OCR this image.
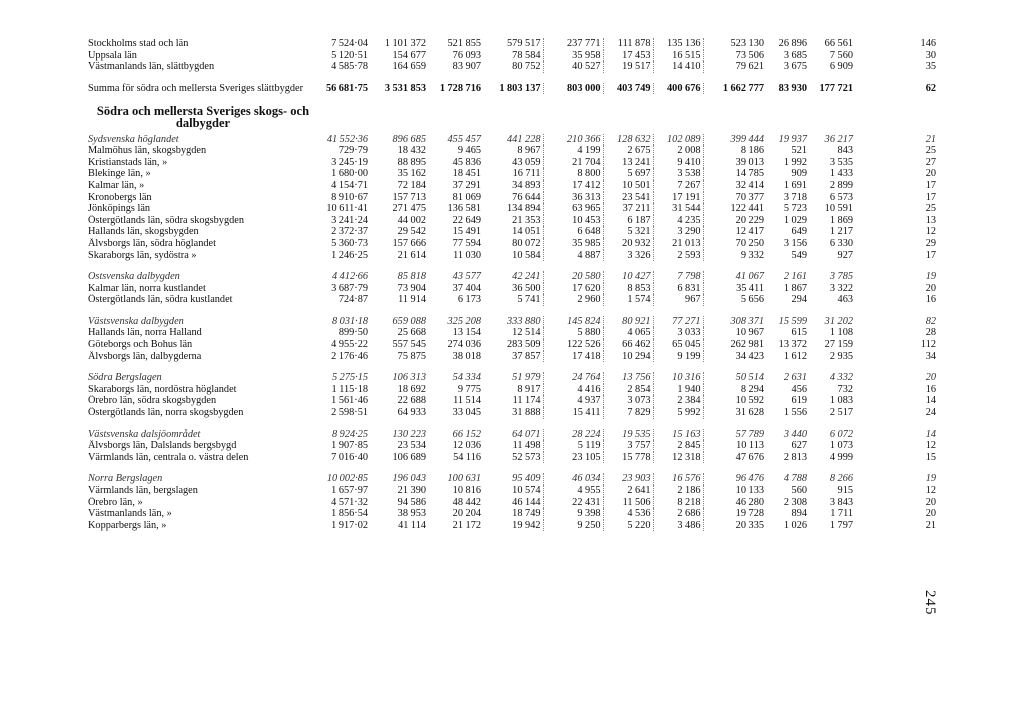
Stockholms stad och län	7 524·04	1 101 372	521 855	579 517	237 771	111 878	135 136	523 130	26 896	66 561	146

Uppsala län	5 120·51	154 677	76 093	78 584	35 958	17 453	16 515	73 506	3 685	7 560	30

Västmanlands län, slättbygden	4 585·78	164 659	83 907	80 752	40 527	19 517	14 410	79 621	3 675	6 909	35

Summa för södra och mellersta Sveriges slättbygder	56 681·75	3 531 853	1 728 716	1 803 137	803 000	403 749	400 676	1 662 777	83 930	177 721	62

Södra och mellersta Sveriges skogs- och dalbygder											

Sydsvenska höglandet	41 552·36	896 685	455 457	441 228	210 366	128 632	102 089	399 444	19 937	36 217	21

Malmöhus län, skogsbygden	729·79	18 432	9 465	8 967	4 199	2 675	2 008	8 186	521	843	25

Kristianstads län, »	3 245·19	88 895	45 836	43 059	21 704	13 241	9 410	39 013	1 992	3 535	27

Blekinge län, »	1 680·00	35 162	18 451	16 711	8 800	5 697	3 538	14 785	909	1 433	20

Kalmar län, »	4 154·71	72 184	37 291	34 893	17 412	10 501	7 267	32 414	1 691	2 899	17

Kronobergs län	8 910·67	157 713	81 069	76 644	36 313	23 541	17 191	70 377	3 718	6 573	17

Jönköpings län	10 611·41	271 475	136 581	134 894	63 965	37 211	31 544	122 441	5 723	10 591	25

Östergötlands län, södra skogsbygden	3 241·24	44 002	22 649	21 353	10 453	6 187	4 235	20 229	1 029	1 869	13

Hallands län, skogsbygden	2 372·37	29 542	15 491	14 051	6 648	5 321	3 290	12 417	649	1 217	12

Älvsborgs län, södra höglandet	5 360·73	157 666	77 594	80 072	35 985	20 932	21 013	70 250	3 156	6 330	29

Skaraborgs län, sydöstra »	1 246·25	21 614	11 030	10 584	4 887	3 326	2 593	9 332	549	927	17

Östsvenska dalbygden	4 412·66	85 818	43 577	42 241	20 580	10 427	7 798	41 067	2 161	3 785	19

Kalmar län, norra kustlandet	3 687·79	73 904	37 404	36 500	17 620	8 853	6 831	35 411	1 867	3 322	20

Östergötlands län, södra kustlandet	724·87	11 914	6 173	5 741	2 960	1 574	967	5 656	294	463	16

Västsvenska dalbygden	8 031·18	659 088	325 208	333 880	145 824	80 921	77 271	308 371	15 599	31 202	82

Hallands län, norra Halland	899·50	25 668	13 154	12 514	5 880	4 065	3 033	10 967	615	1 108	28

Göteborgs och Bohus län	4 955·22	557 545	274 036	283 509	122 526	66 462	65 045	262 981	13 372	27 159	112

Älvsborgs län, dalbygderna	2 176·46	75 875	38 018	37 857	17 418	10 294	9 199	34 423	1 612	2 935	34

Södra Bergslagen	5 275·15	106 313	54 334	51 979	24 764	13 756	10 316	50 514	2 631	4 332	20

Skaraborgs län, nordöstra höglandet	1 115·18	18 692	9 775	8 917	4 416	2 854	1 940	8 294	456	732	16

Örebro län, södra skogsbygden	1 561·46	22 688	11 514	11 174	4 937	3 073	2 384	10 592	619	1 083	14

Östergötlands län, norra skogsbygden	2 598·51	64 933	33 045	31 888	15 411	7 829	5 992	31 628	1 556	2 517	24

Västsvenska dalsjöområdet	8 924·25	130 223	66 152	64 071	28 224	19 535	15 163	57 789	3 440	6 072	14

Älvsborgs län, Dalslands bergsbygd	1 907·85	23 534	12 036	11 498	5 119	3 757	2 845	10 113	627	1 073	12

Värmlands län, centrala o. västra delen	7 016·40	106 689	54 116	52 573	23 105	15 778	12 318	47 676	2 813	4 999	15

Norra Bergslagen	10 002·85	196 043	100 631	95 409	46 034	23 903	16 576	96 476	4 788	8 266	19

Värmlands län, bergslagen	1 657·97	21 390	10 816	10 574	4 955	2 641	2 186	10 133	560	915	12

Örebro län, »	4 571·32	94 586	48 442	46 144	22 431	11 506	8 218	46 280	2 308	3 843	20

Västmanlands län, »	1 856·54	38 953	20 204	18 749	9 398	4 536	2 686	19 728	894	1 711	20

Kopparbergs län, »	1 917·02	41 114	21 172	19 942	9 250	5 220	3 486	20 335	1 026	1 797	21
245
